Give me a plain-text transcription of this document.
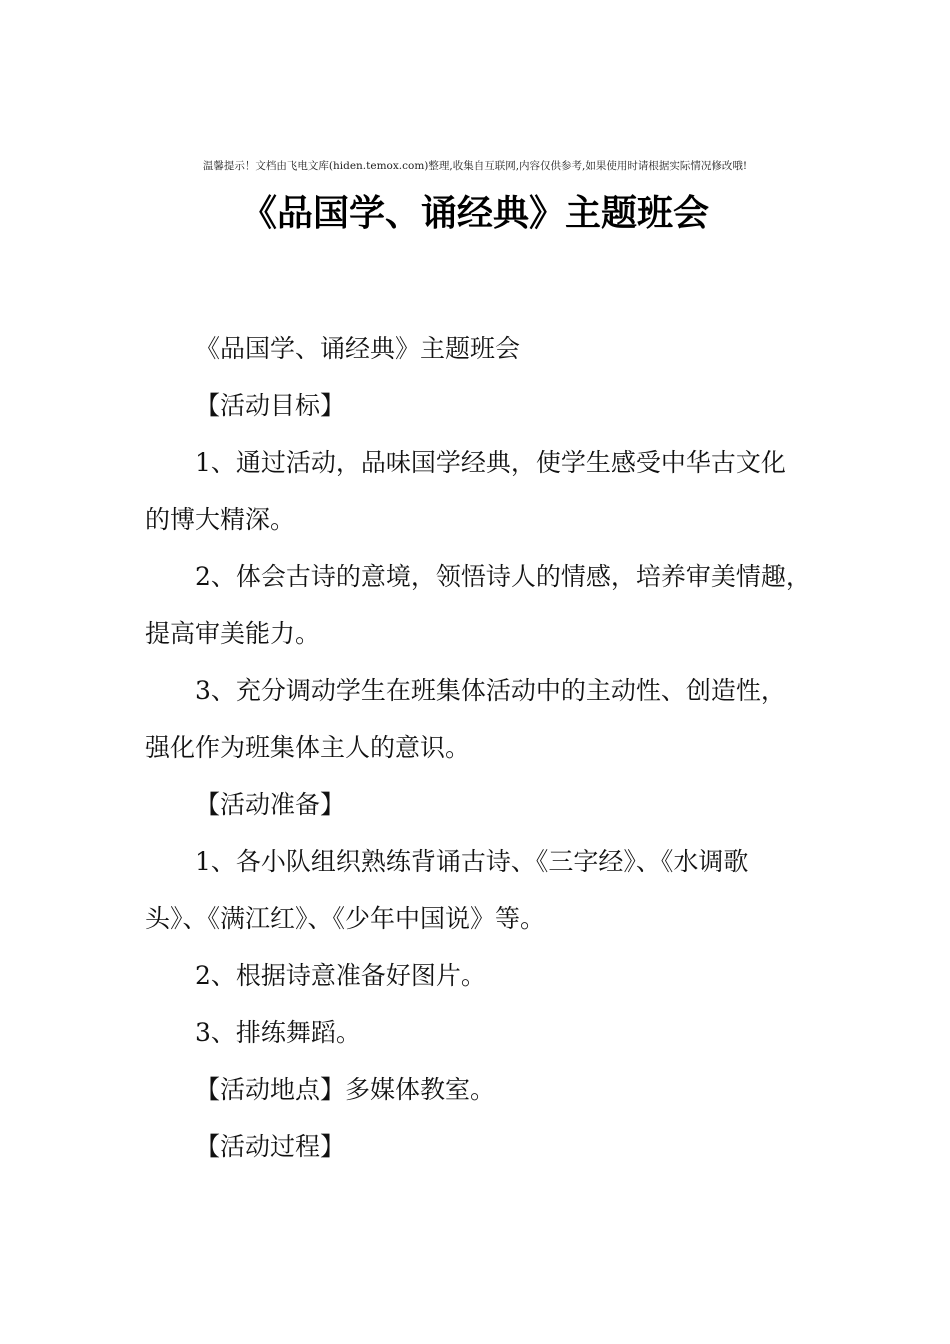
温馨提示！文档由飞电文库(hiden.temox.com)整理,收集自互联网,内容仅供参考,如果使用时请根据实际情况修改哦!
《品国学、诵经典》主题班会

《品国学、诵经典》主题班会

【活动目标】

1、通过活动，品味国学经典，使学生感受中华古文化

的博大精深。

2、体会古诗的意境，领悟诗人的情感，培养审美情趣，

提高审美能力。

3、充分调动学生在班集体活动中的主动性、创造性，

强化作为班集体主人的意识。

【活动准备】

1、各小队组织熟练背诵古诗、《三字经》、《水调歌

头》、《满江红》、《少年中国说》等。

2、根据诗意准备好图片。

3、排练舞蹈。

【活动地点】多媒体教室。

【活动过程】
